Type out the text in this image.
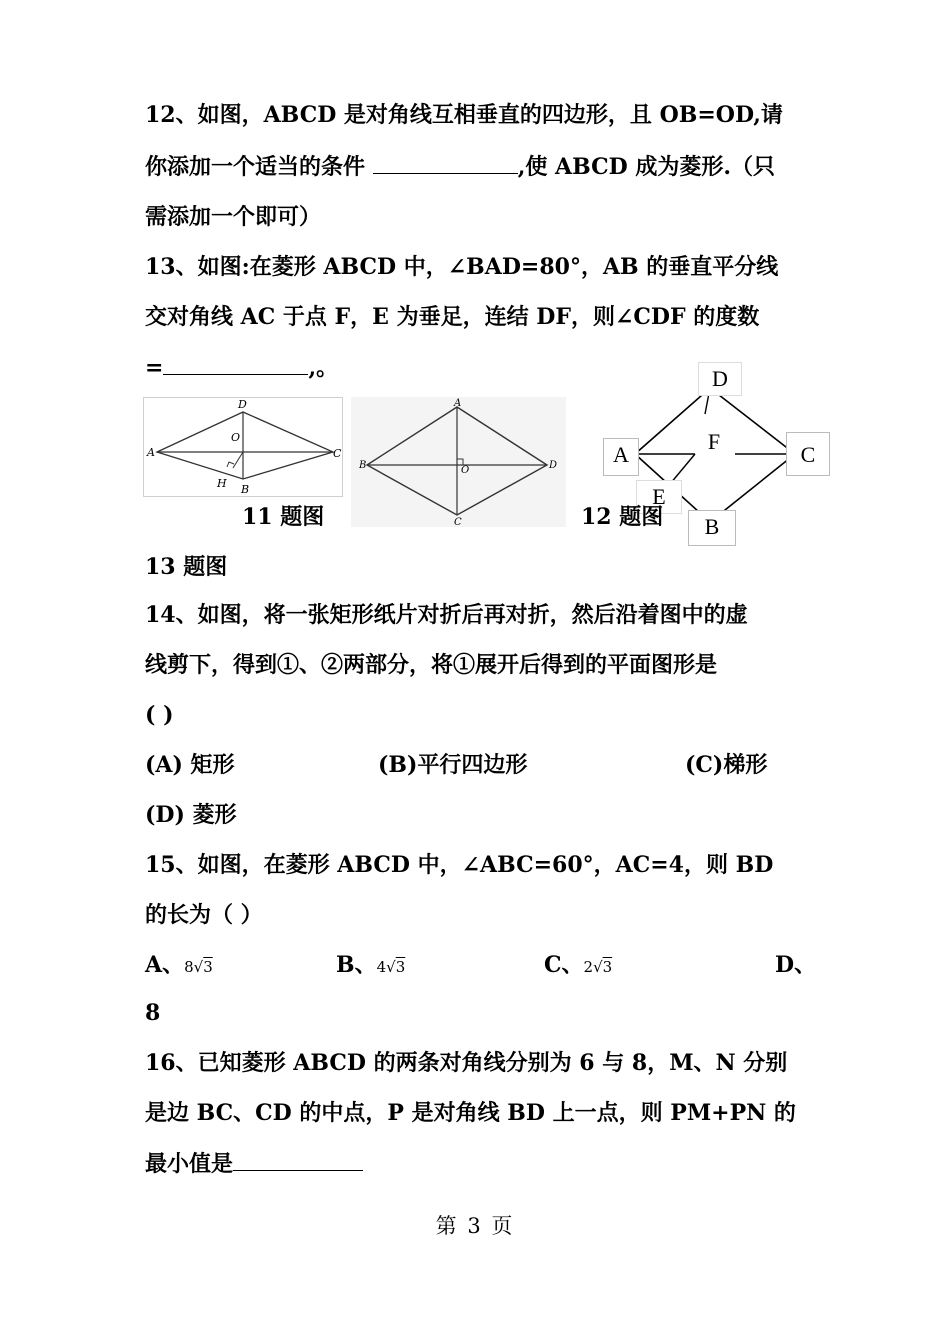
12、如图，ABCD 是对角线互相垂直的四边形，且 OB=OD,请
你添加一个适当的条件	,使 ABCD 成为菱形.（只
需添加一个即可）
13、如图:在菱形 ABCD 中，∠BAD=80°，AB 的垂直平分线
交对角线 AC 于点 F，E 为垂足，连结 DF，则∠CDF 的度数
=	,。
A
D
O
C
B
H
A
B	O	D
C
D
A
F
C
E
B
11 题图	12 题图
13 题图
14、如图，将一张矩形纸片对折后再对折，然后沿着图中的虚
线剪下，得到①、②两部分，将①展开后得到的平面图形是
( )
(A) 矩形	(B)平行四边形	(C)梯形
(D) 菱形
15、如图，在菱形 ABCD 中，∠ABC=60°，AC=4，则 BD
的长为（ ）
A、8√3	B、4√3	C、2√3	D、
8
16、已知菱形 ABCD 的两条对角线分别为 6 与 8，M、N 分别
是边 BC、CD 的中点，P 是对角线 BD 上一点，则 PM+PN 的
最小值是
第 3 页
